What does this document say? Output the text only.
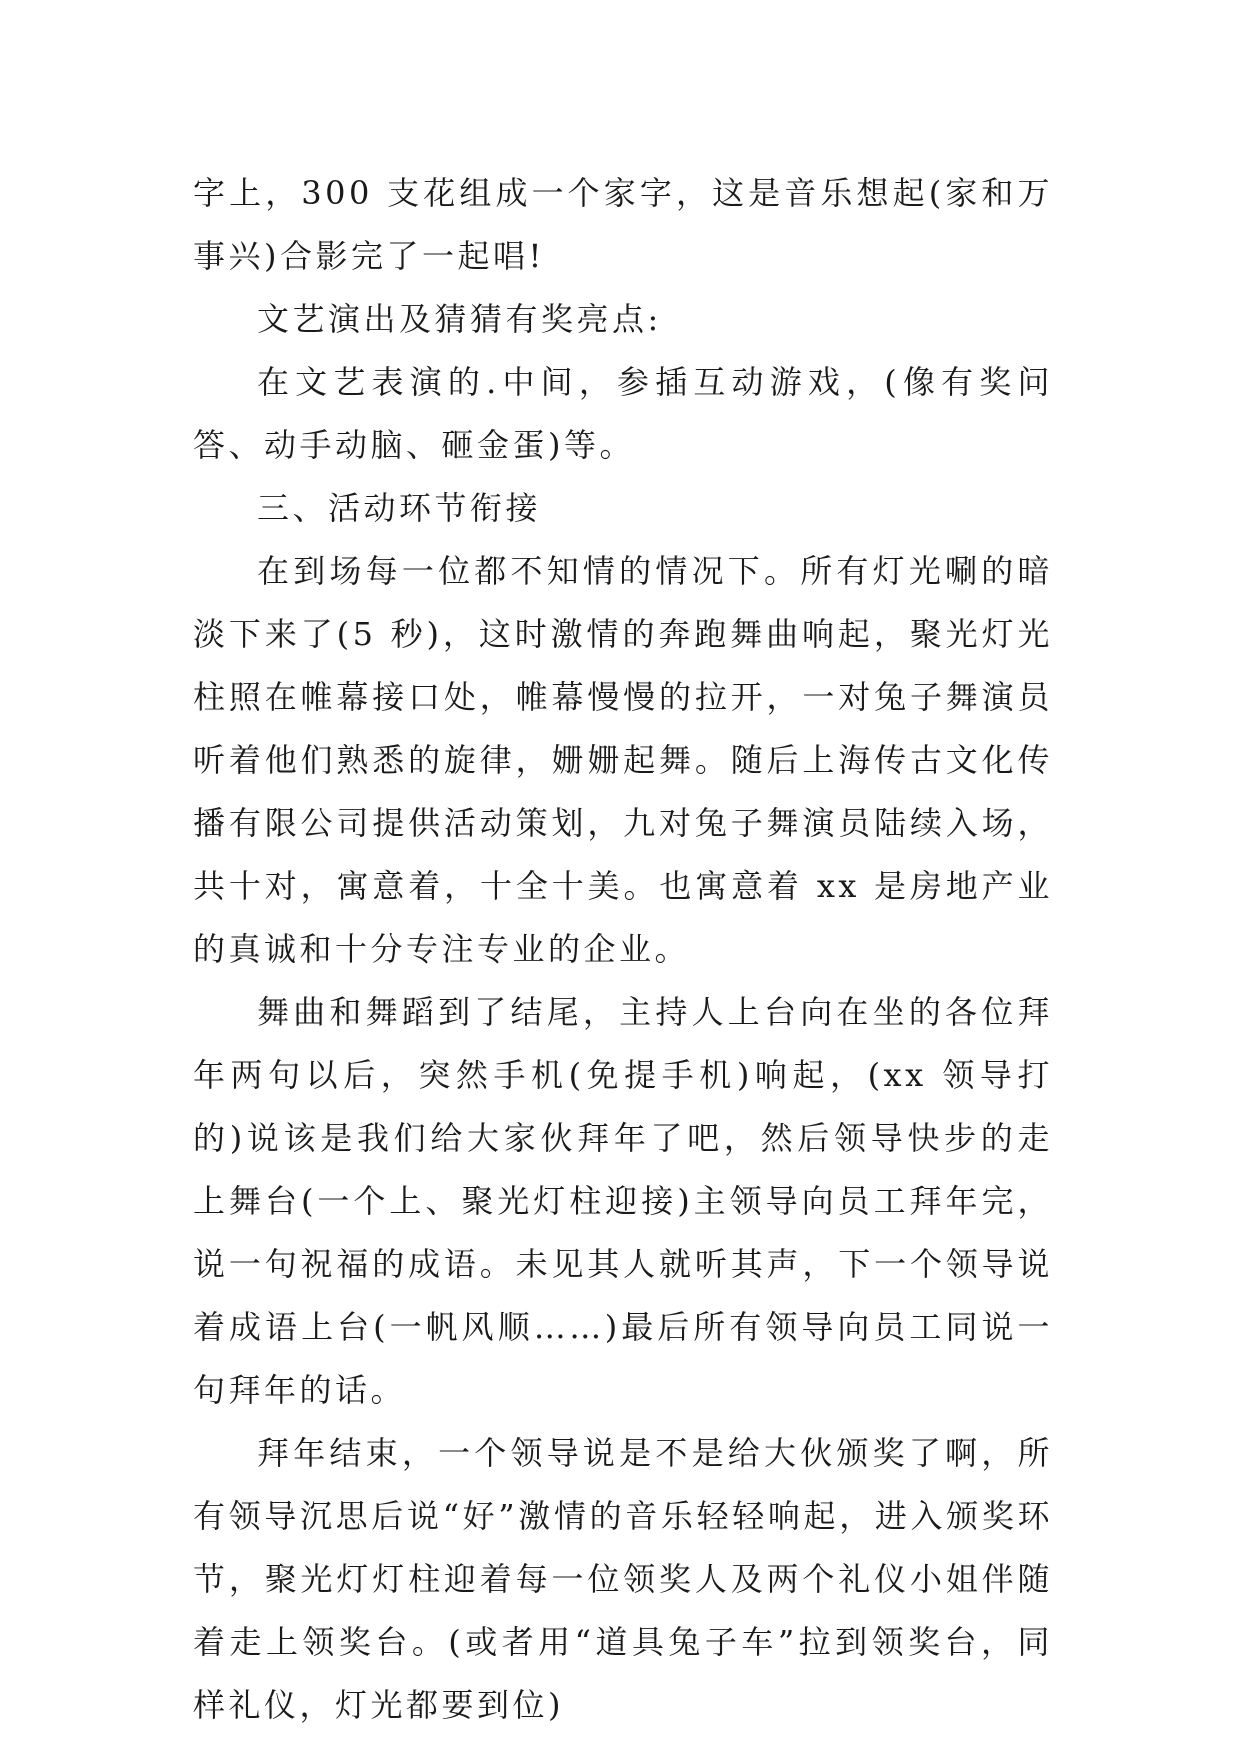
字上，300 支花组成一个家字，这是音乐想起(家和万事兴)合影完了一起唱!

文艺演出及猜猜有奖亮点:

在文艺表演的.中间，参插互动游戏，(像有奖问答、动手动脑、砸金蛋)等。

三、活动环节衔接

在到场每一位都不知情的情况下。所有灯光唰的暗淡下来了(5 秒)，这时激情的奔跑舞曲响起，聚光灯光柱照在帷幕接口处，帷幕慢慢的拉开，一对兔子舞演员听着他们熟悉的旋律，姗姗起舞。随后上海传古文化传播有限公司提供活动策划，九对兔子舞演员陆续入场，共十对，寓意着，十全十美。也寓意着 xx 是房地产业的真诚和十分专注专业的企业。

舞曲和舞蹈到了结尾，主持人上台向在坐的各位拜年两句以后，突然手机(免提手机)响起，(xx 领导打的)说该是我们给大家伙拜年了吧，然后领导快步的走上舞台(一个上、聚光灯柱迎接)主领导向员工拜年完，说一句祝福的成语。未见其人就听其声，下一个领导说着成语上台(一帆风顺……)最后所有领导向员工同说一句拜年的话。

拜年结束，一个领导说是不是给大伙颁奖了啊，所有领导沉思后说“好”激情的音乐轻轻响起，进入颁奖环节，聚光灯灯柱迎着每一位领奖人及两个礼仪小姐伴随着走上领奖台。(或者用“道具兔子车”拉到领奖台，同样礼仪，灯光都要到位)
